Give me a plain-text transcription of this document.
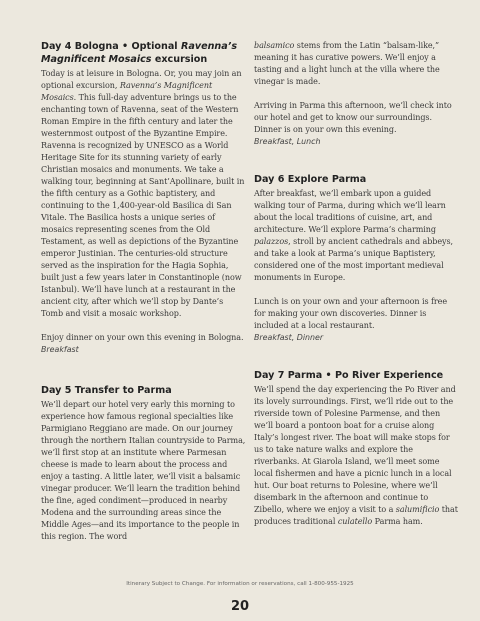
Day 4 Bologna • Optional Ravenna’s Magnificent Mosaics excursion

Today is at leisure in Bologna. Or, you may join an optional excursion, Ravenna’s Magnificent Mosaics. This full-day adventure brings us to the enchanting town of Ravenna, seat of the Western Roman Empire in the fifth century and later the westernmost outpost of the Byzantine Empire. Ravenna is recognized by UNESCO as a World Heritage Site for its stunning variety of early Christian mosaics and monuments. We take a walking tour, beginning at Sant’Apollinare, built in the fifth century as a Gothic baptistery, and continuing to the 1,400-year-old Basilica di San Vitale. The Basilica hosts a unique series of mosaics representing scenes from the Old Testament, as well as depictions of the Byzantine emperor Justinian. The centuries-old structure served as the inspiration for the Hagia Sophia, built just a few years later in Constantinople (now Istanbul). We’ll have lunch at a restaurant in the ancient city, after which we’ll stop by Dante’s Tomb and visit a mosaic workshop.

Enjoy dinner on your own this evening in Bologna.

Breakfast
Day 5 Transfer to Parma

We’ll depart our hotel very early this morning to experience how famous regional specialties like Parmigiano Reggiano are made. On our journey through the northern Italian countryside to Parma, we’ll first stop at an institute where Parmesan cheese is made to learn about the process and enjoy a tasting. A little later, we’ll visit a balsamic vinegar producer. We’ll learn the tradition behind the fine, aged condiment—produced in nearby Modena and the surrounding areas since the Middle Ages—and its importance to the people in this region. The word

balsamico stems from the Latin “balsam-like,” meaning it has curative powers. We’ll enjoy a tasting and a light lunch at the villa where the vinegar is made.

Arriving in Parma this afternoon, we’ll check into our hotel and get to know our surroundings. Dinner is on your own this evening.

Breakfast, Lunch
Day 6 Explore Parma

After breakfast, we’ll embark upon a guided walking tour of Parma, during which we’ll learn about the local traditions of cuisine, art, and architecture. We’ll explore Parma’s charming palazzos, stroll by ancient cathedrals and abbeys, and take a look at Parma’s unique Baptistery, considered one of the most important medieval monuments in Europe.

Lunch is on your own and your afternoon is free for making your own discoveries. Dinner is included at a local restaurant.

Breakfast, Dinner
Day 7 Parma • Po River Experience

We’ll spend the day experiencing the Po River and its lovely surroundings. First, we’ll ride out to the riverside town of Polesine Parmense, and then we’ll board a pontoon boat for a cruise along Italy’s longest river. The boat will make stops for us to take nature walks and explore the riverbanks. At Giarola Island, we’ll meet some local fishermen and have a picnic lunch in a local hut. Our boat returns to Polesine, where we’ll disembark in the afternoon and continue to Zibello, where we enjoy a visit to a salumificio that produces traditional culatello Parma ham.

Itinerary Subject to Change. For information or reservations, call 1-800-955-1925
20
